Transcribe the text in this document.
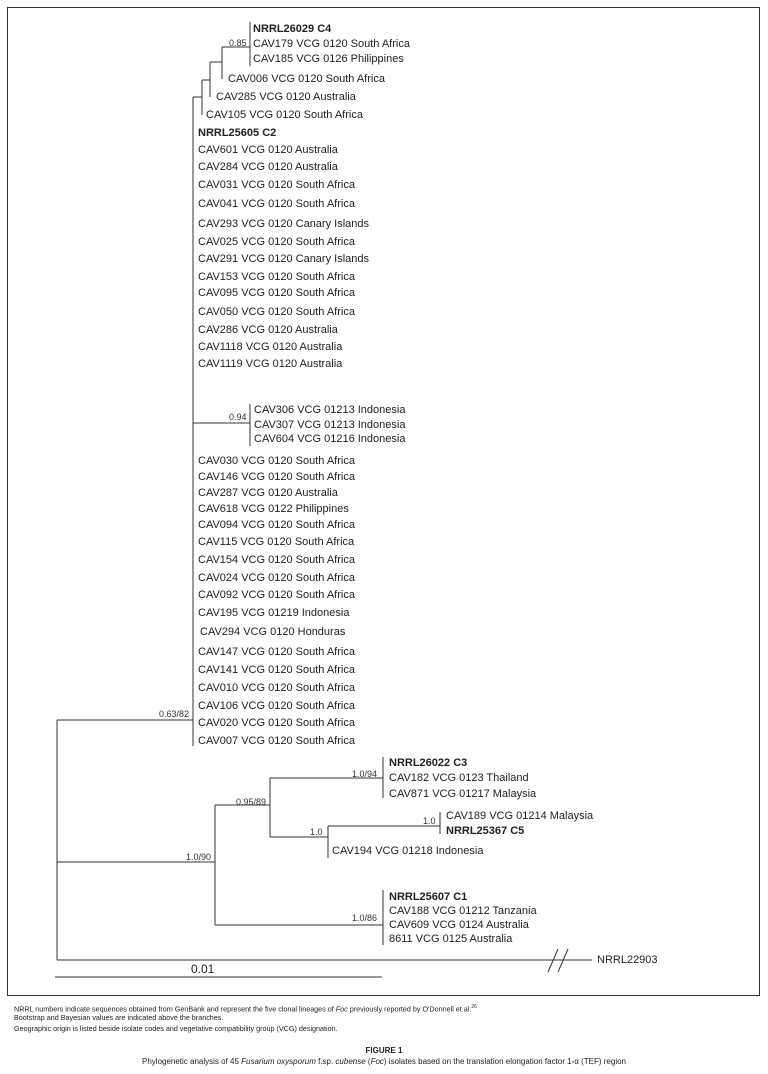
0.85
0.94
0.63/82
1.0/94
0.95/89
1.0
1.0
1.0/90
1.0/86
0.01
NRRL26029 C4
CAV179 VCG 0120 South Africa
CAV185 VCG 0126 Philippines
CAV006 VCG 0120 South Africa
CAV285 VCG 0120 Australia
CAV105 VCG 0120 South Africa
NRRL25605 C2
CAV601 VCG 0120 Australia
CAV284 VCG 0120 Australia
CAV031 VCG 0120 South Africa
CAV041 VCG 0120 South Africa
CAV293 VCG 0120 Canary Islands
CAV025 VCG 0120 South Africa
CAV291 VCG 0120 Canary Islands
CAV153 VCG 0120 South Africa
CAV095 VCG 0120 South Africa
CAV050 VCG 0120 South Africa
CAV286 VCG 0120 Australia
CAV1118 VCG 0120 Australia
CAV1119 VCG 0120 Australia
CAV306 VCG 01213 Indonesia
CAV307 VCG 01213 Indonesia
CAV604 VCG 01216 Indonesia
CAV030 VCG 0120 South Africa
CAV146 VCG 0120 South Africa
CAV287 VCG 0120 Australia
CAV618 VCG 0122 Philippines
CAV094 VCG 0120 South Africa
CAV115 VCG 0120 South Africa
CAV154 VCG 0120 South Africa
CAV024 VCG 0120 South Africa
CAV092 VCG 0120 South Africa
CAV195 VCG 01219 Indonesia
CAV294 VCG 0120 Honduras
CAV147 VCG 0120 South Africa
CAV141 VCG 0120 South Africa
CAV010 VCG 0120 South Africa
CAV106 VCG 0120 South Africa
CAV020 VCG 0120 South Africa
CAV007 VCG 0120 South Africa
NRRL26022 C3
CAV182 VCG 0123 Thailand
CAV871 VCG 01217 Malaysia
CAV189 VCG 01214 Malaysia
NRRL25367 C5
CAV194 VCG 01218 Indonesia
NRRL25607 C1
CAV188 VCG 01212 Tanzania
CAV609 VCG 0124 Australia
8611 VCG 0125 Australia
NRRL22903
NRRL numbers indicate sequences obtained from GenBank and represent the five clonal lineages of Foc previously reported by O'Donnell et al.$^{26}$
Bootstrap and Bayesian values are indicated above the branches.
Geographic origin is listed beside isolate codes and vegetative compatibility group (VCG) designation.
FIGURE 1
Phylogenetic analysis of 45 Fusarium oxysporum f.sp. cubense (Foc) isolates based on the translation elongation factor 1-α (TEF) region
